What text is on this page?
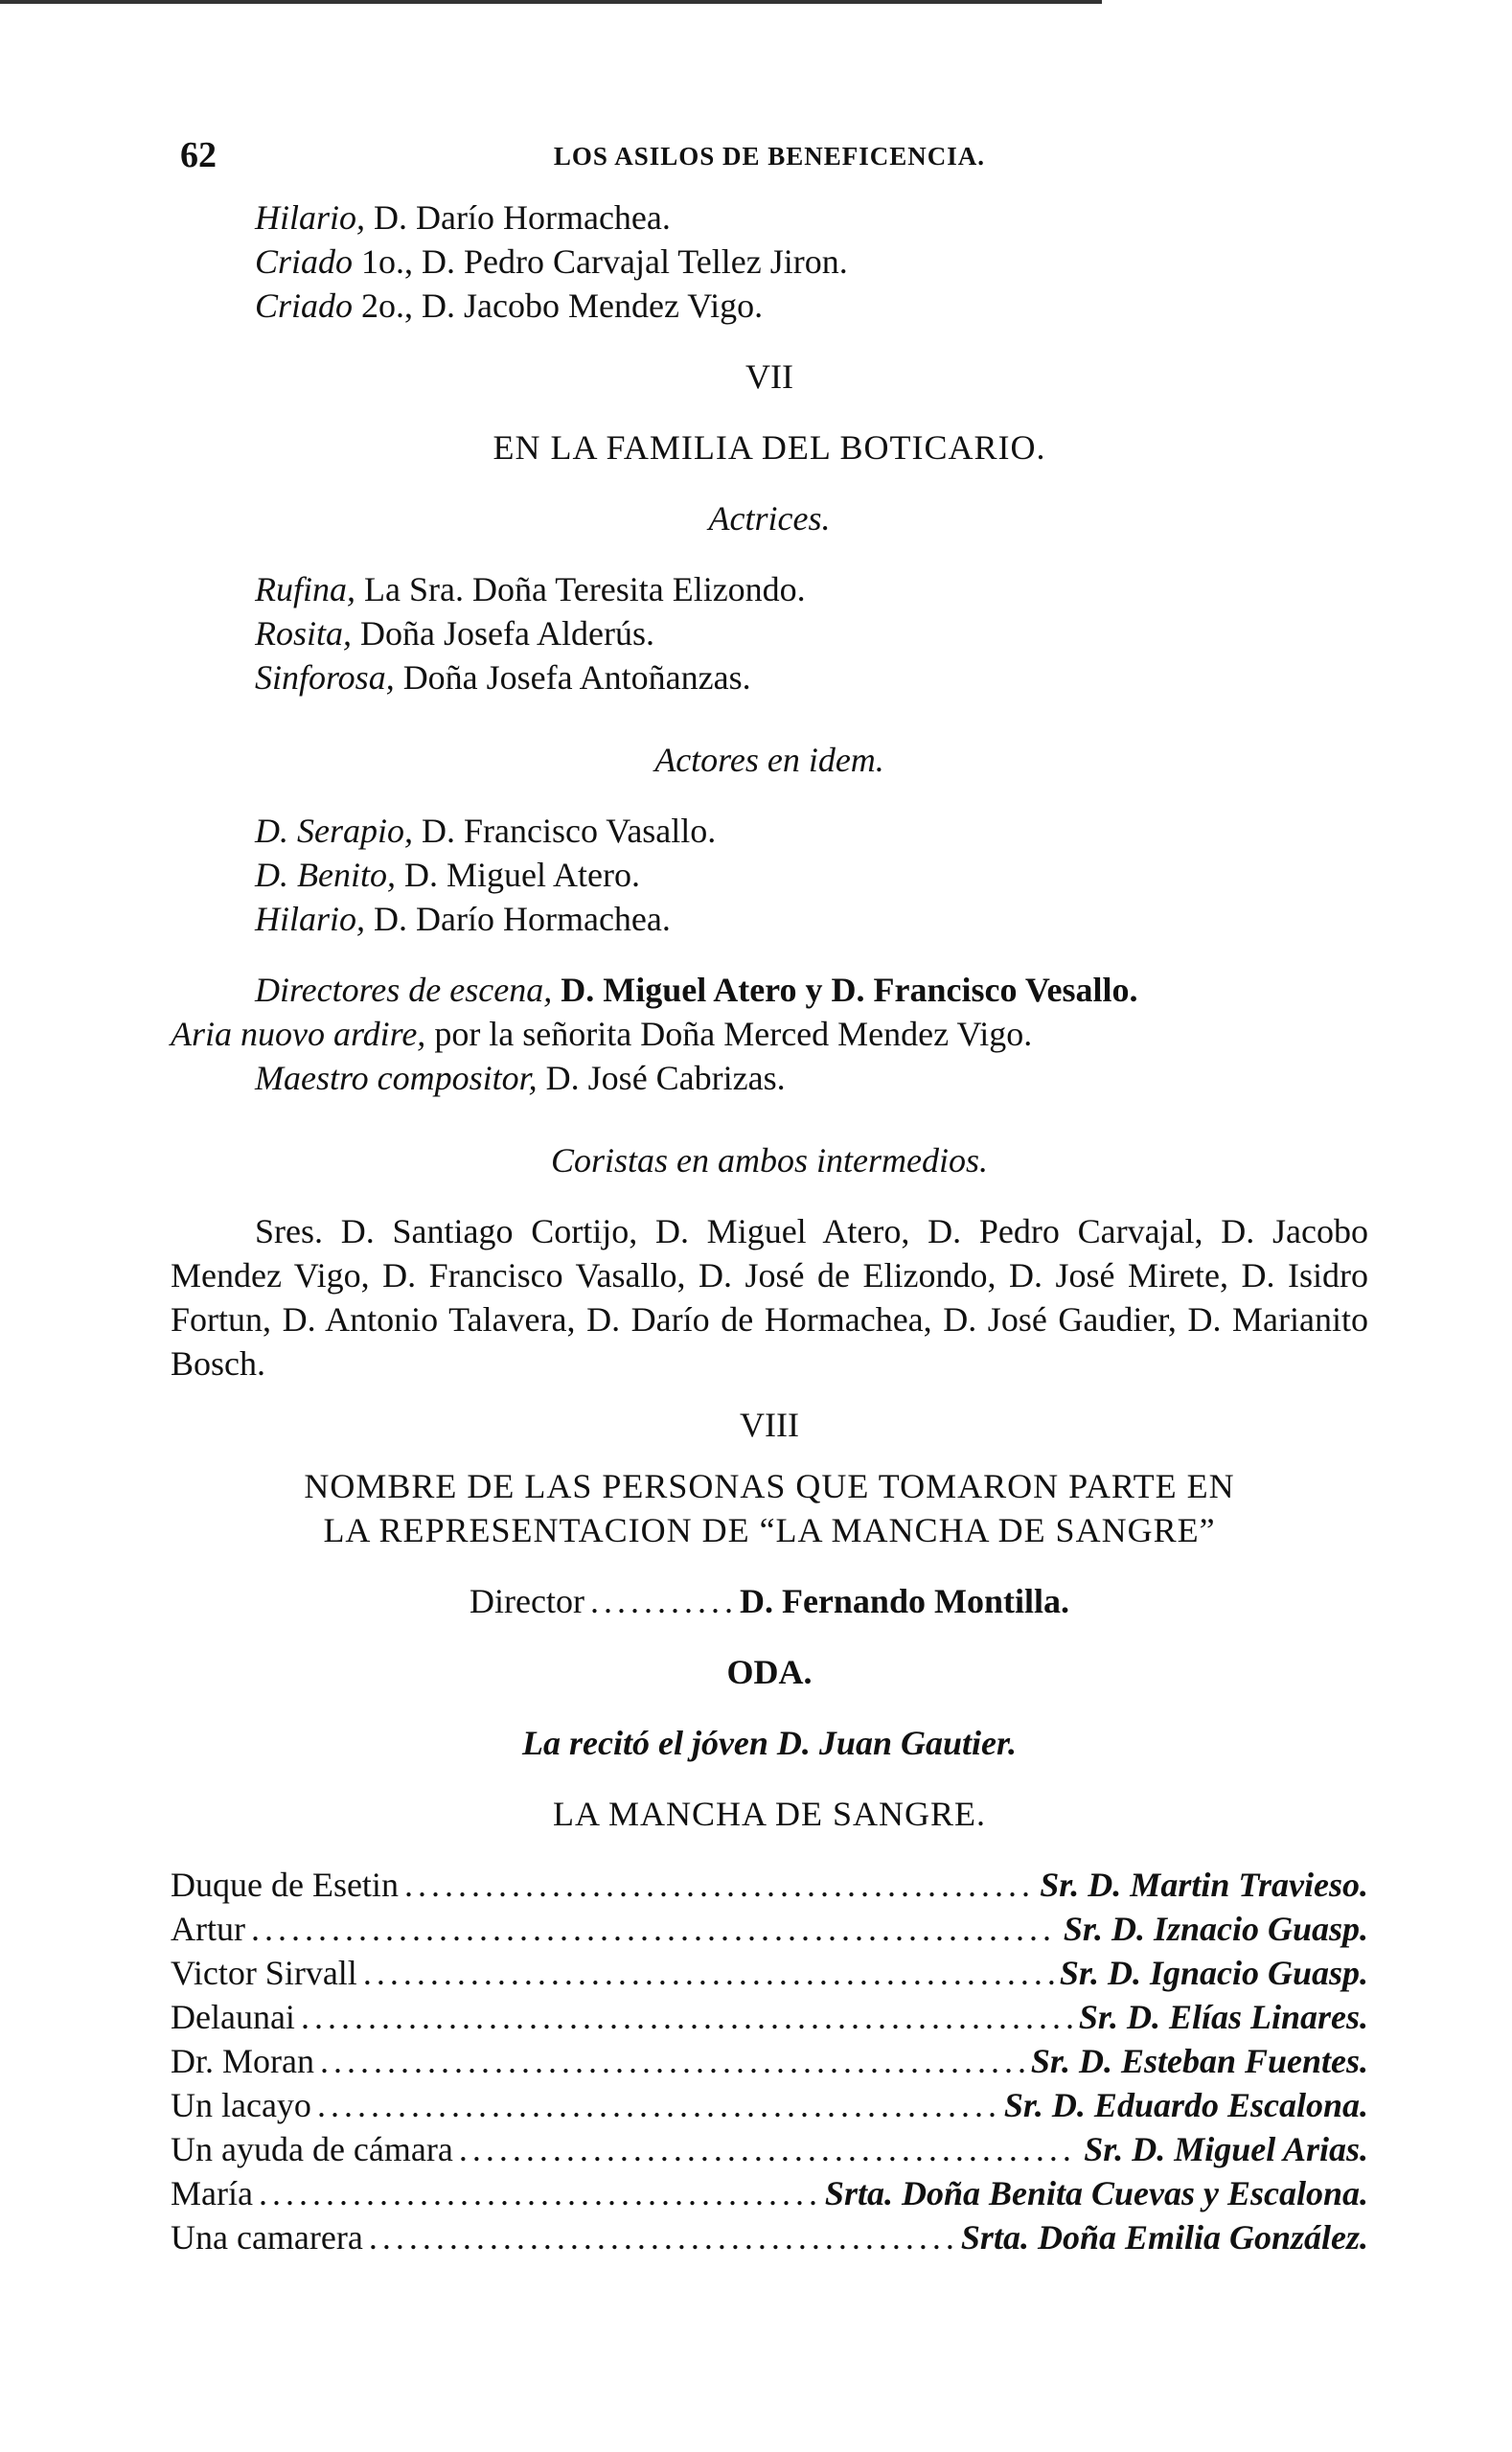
62	LOS ASILOS DE BENEFICENCIA.
Hilario, D. Darío Hormachea.
Criado 1o., D. Pedro Carvajal Tellez Jiron.
Criado 2o., D. Jacobo Mendez Vigo.
VII
EN LA FAMILIA DEL BOTICARIO.
Actrices.
Rufina, La Sra. Doña Teresita Elizondo.
Rosita, Doña Josefa Alderús.
Sinforosa, Doña Josefa Antoñanzas.
Actores en idem.
D. Serapio, D. Francisco Vasallo.
D. Benito, D. Miguel Atero.
Hilario, D. Darío Hormachea.
Directores de escena, D. Miguel Atero y D. Francisco Vesallo.
Aria nuovo ardire, por la señorita Doña Merced Mendez Vigo.
Maestro compositor, D. José Cabrizas.
Coristas en ambos intermedios.
Sres. D. Santiago Cortijo, D. Miguel Atero, D. Pedro Carvajal, D. Jacobo Mendez Vigo, D. Francisco Vasallo, D. José de Elizondo, D. José Mirete, D. Isidro Fortun, D. Antonio Talavera, D. Darío de Hormachea, D. José Gaudier, D. Marianito Bosch.
VIII
NOMBRE DE LAS PERSONAS QUE TOMARON PARTE EN
LA REPRESENTACION DE “LA MANCHA DE SANGRE”
Director . . .	D. Fernando Montilla.
ODA.
La recitó el jóven D. Juan Gautier.
LA MANCHA DE SANGRE.
Duque de Esetin . . .	Sr. D. Martin Travieso.
Artur . . .	Sr. D. Iznacio Guasp.
Victor Sirvall . . .	Sr. D. Ignacio Guasp.
Delaunai . . .	Sr. D. Elías Linares.
Dr. Moran . . .	Sr. D. Esteban Fuentes.
Un lacayo . . .	Sr. D. Eduardo Escalona.
Un ayuda de cámara . . .	Sr. D. Miguel Arias.
María . . .	Srta. Doña Benita Cuevas y Escalona.
Una camarera . . .	Srta. Doña Emilia González.
